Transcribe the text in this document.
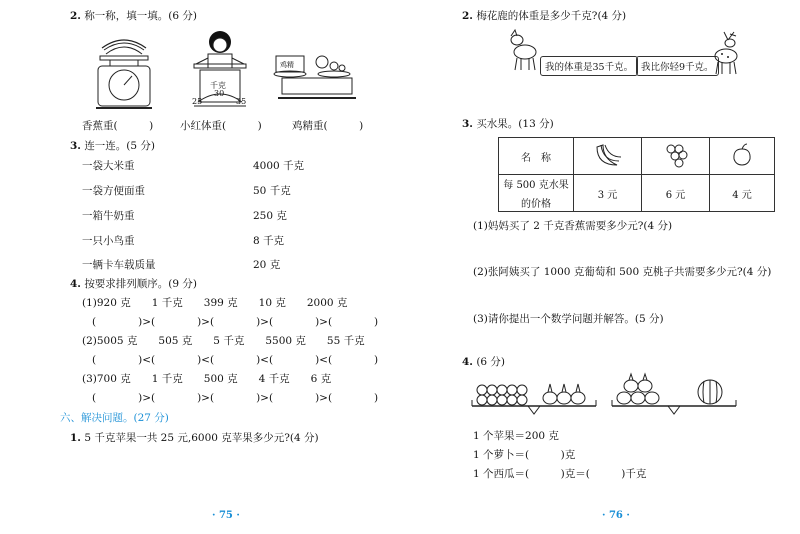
2. 称一称，填一填。(6 分)
千克
25
30
35
鸡精
香蕉重(　　　)	小红体重(　　　)	鸡精重(　　　)
3. 连一连。(5 分)
一袋大米重
一袋方便面重
一箱牛奶重
一只小鸟重
一辆卡车载质量
4000 千克
50 千克
250 克
8 千克
20 克
4. 按要求排列顺序。(9 分)
(1)920 克　　1 千克　　399 克　　10 克　　2000 克
(　　　　)>(　　　　)>(　　　　)>(　　　　)>(　　　　)
(2)5005 克　　505 克　　5 千克　　5500 克　　55 千克
(　　　　)<(　　　　)<(　　　　)<(　　　　)<(　　　　)
(3)700 克　　1 千克　　500 克　　4 千克　　6 克
(　　　　)>(　　　　)>(　　　　)>(　　　　)>(　　　　)
六、解决问题。(27 分)
1. 5 千克苹果一共 25 元,6000 克苹果多少元?(4 分)
· 75 ·
2. 梅花鹿的体重是多少千克?(4 分)
我的体重是35千克。 我比你轻9千克。
3. 买水果。(13 分)
名　称			

每 500 克水果
的价格	3 元	6 元	4 元
(1)妈妈买了 2 千克香蕉需要多少元?(4 分)
(2)张阿姨买了 1000 克葡萄和 500 克桃子共需要多少元?(4 分)
(3)请你提出一个数学问题并解答。(5 分)
4. (6 分)
1 个苹果＝200 克
1 个萝卜＝(　　　)克
1 个西瓜＝(　　　)克＝(　　　)千克
· 76 ·
